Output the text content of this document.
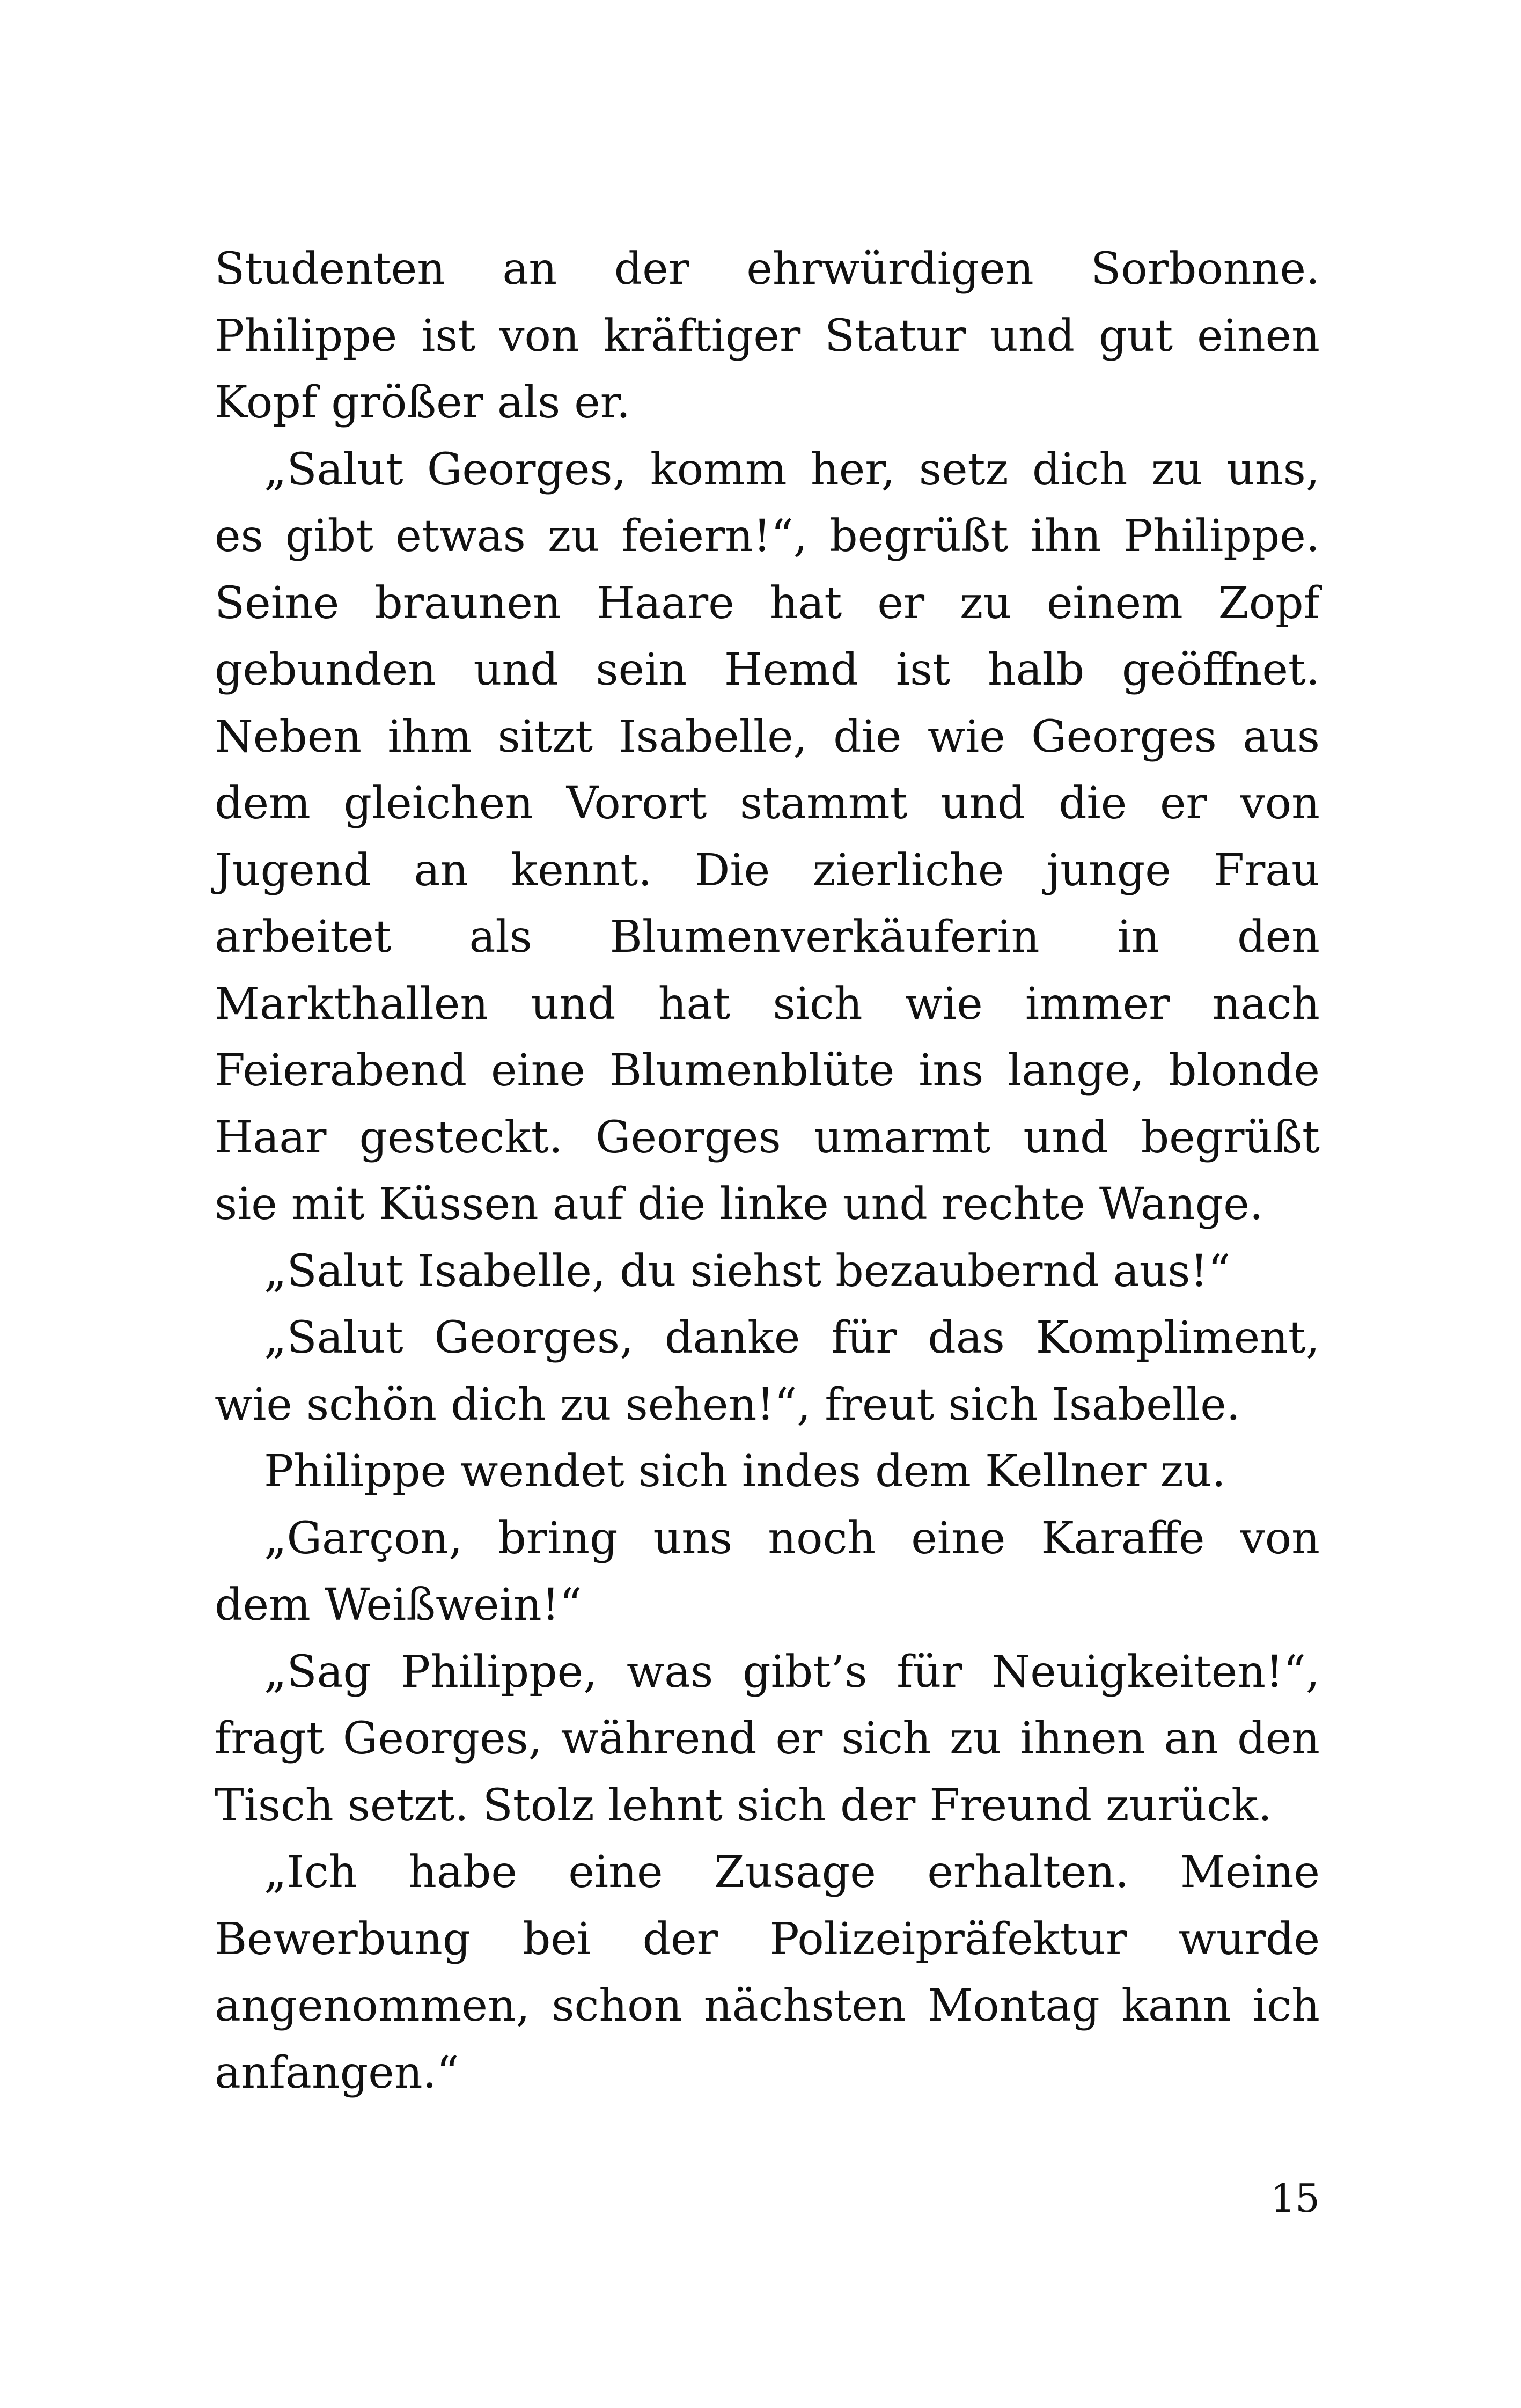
Studenten an der ehrwürdigen Sorbonne.
Philippe ist von kräftiger Statur und gut einen
Kopf größer als er.
„Salut Georges, komm her, setz dich zu uns,
es gibt etwas zu feiern!“, begrüßt ihn Philippe.
Seine braunen Haare hat er zu einem Zopf
gebunden und sein Hemd ist halb geöffnet.
Neben ihm sitzt Isabelle, die wie Georges aus
dem gleichen Vorort stammt und die er von
Jugend an kennt. Die zierliche junge Frau
arbeitet als Blumenverkäuferin in den
Markthallen und hat sich wie immer nach
Feierabend eine Blumenblüte ins lange, blonde
Haar gesteckt. Georges umarmt und begrüßt
sie mit Küssen auf die linke und rechte Wange.
„Salut Isabelle, du siehst bezaubernd aus!“
„Salut Georges, danke für das Kompliment,
wie schön dich zu sehen!“, freut sich Isabelle.
Philippe wendet sich indes dem Kellner zu.
„Garçon, bring uns noch eine Karaffe von
dem Weißwein!“
„Sag Philippe, was gibt’s für Neuigkeiten!“,
fragt Georges, während er sich zu ihnen an den
Tisch setzt. Stolz lehnt sich der Freund zurück.
„Ich habe eine Zusage erhalten. Meine
Bewerbung bei der Polizeipräfektur wurde
angenommen, schon nächsten Montag kann ich
anfangen.“
15
